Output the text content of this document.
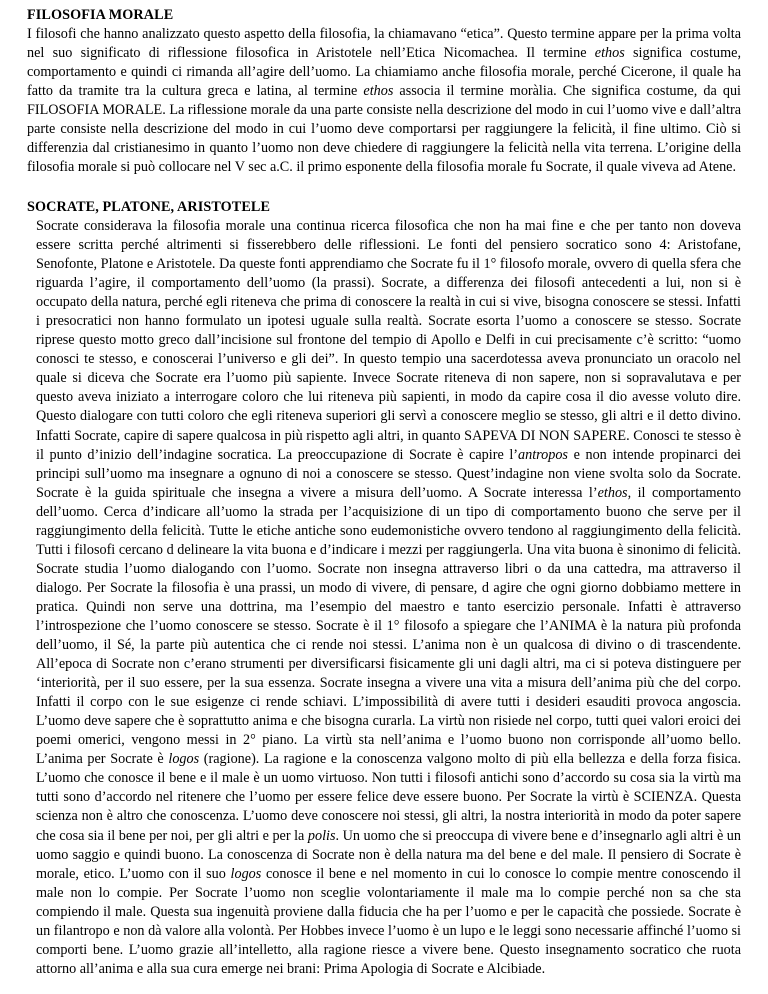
FILOSOFIA MORALE

I filosofi che hanno analizzato questo aspetto della filosofia, la chiamavano “etica”. Questo termine appare per la prima volta nel suo significato di riflessione filosofica in Aristotele nell’Etica Nicomachea. Il termine ethos significa costume, comportamento e quindi ci rimanda all’agire dell’uomo. La chiamiamo anche filosofia morale, perché Cicerone, il quale ha fatto da tramite tra la cultura greca e latina, al termine ethos associa il termine moràlia. Che significa costume, da qui FILOSOFIA MORALE. La riflessione morale da una parte consiste nella descrizione del modo in cui l’uomo vive e dall’altra parte consiste nella descrizione del modo in cui l’uomo deve comportarsi per raggiungere la felicità, il fine ultimo. Ciò si differenzia dal cristianesimo in quanto l’uomo non deve chiedere di raggiungere la felicità nella vita terrena. L’origine della filosofia morale si può collocare nel V sec a.C. il primo esponente della filosofia morale fu Socrate, il quale viveva ad Atene.

SOCRATE, PLATONE, ARISTOTELE

Socrate considerava la filosofia morale una continua ricerca filosofica che non ha mai fine e che per tanto non doveva essere scritta perché altrimenti si fisserebbero delle riflessioni. Le fonti del pensiero socratico sono 4: Aristofane, Senofonte, Platone e Aristotele. Da queste fonti apprendiamo che Socrate fu il 1° filosofo morale, ovvero di quella sfera che riguarda l’agire, il comportamento dell’uomo (la prassi). Socrate, a differenza dei filosofi antecedenti a lui, non si è occupato della natura, perché egli riteneva che prima di conoscere la realtà in cui si vive, bisogna conoscere se stessi. Infatti i presocratici non hanno formulato un ipotesi uguale sulla realtà. Socrate esorta l’uomo a conoscere se stesso. Socrate riprese questo motto greco dall’incisione sul frontone del tempio di Apollo e Delfi in cui precisamente c’è scritto: “uomo conosci te stesso, e conoscerai l’universo e gli dei”. In questo tempio una sacerdotessa aveva pronunciato un oracolo nel quale si diceva che Socrate era l’uomo più sapiente. Invece Socrate riteneva di non sapere, non si sopravalutava e per questo aveva iniziato a interrogare coloro che lui riteneva più sapienti, in modo da capire cosa il dio avesse voluto dire. Questo dialogare con tutti coloro che egli riteneva superiori gli servì a conoscere meglio se stesso, gli altri e il detto divino. Infatti Socrate, capire di sapere qualcosa in più rispetto agli altri, in quanto SAPEVA DI NON SAPERE. Conosci te stesso è il punto d’inizio dell’indagine socratica. La preoccupazione di Socrate è capire l’antropos e non intende propinarci dei principi sull’uomo ma insegnare a ognuno di noi a conoscere se stesso. Quest’indagine non viene svolta solo da Socrate. Socrate è la guida spirituale che insegna a vivere a misura dell’uomo. A Socrate interessa l’ethos, il comportamento dell’uomo. Cerca d’indicare all’uomo la strada per l’acquisizione di un tipo di comportamento buono che serve per il raggiungimento della felicità. Tutte le etiche antiche sono eudemonistiche ovvero tendono al raggiungimento della felicità. Tutti i filosofi cercano d delineare la vita buona e d’indicare i mezzi per raggiungerla. Una vita buona è sinonimo di felicità. Socrate studia l’uomo dialogando con l’uomo. Socrate non insegna attraverso libri o da una cattedra, ma attraverso il dialogo. Per Socrate la filosofia è una prassi, un modo di vivere, di pensare, d agire che ogni giorno dobbiamo mettere in pratica. Quindi non serve una dottrina, ma l’esempio del maestro e tanto esercizio personale. Infatti è attraverso l’introspezione che l’uomo conoscere se stesso. Socrate è il 1° filosofo a spiegare che l’ANIMA è la natura più profonda dell’uomo, il Sé, la parte più autentica che ci rende noi stessi. L’anima non è un qualcosa di divino o di trascendente. All’epoca di Socrate non c’erano strumenti per diversificarsi fisicamente gli uni dagli altri, ma ci si poteva distinguere per ‘interiorità, per il suo essere, per la sua essenza. Socrate insegna a vivere una vita a misura dell’anima più che del corpo. Infatti il corpo con le sue esigenze ci rende schiavi. L’impossibilità di avere tutti i desideri esauditi provoca angoscia. L’uomo deve sapere che è soprattutto anima e che bisogna curarla. La virtù non risiede nel corpo, tutti quei valori eroici dei poemi omerici, vengono messi in 2° piano. La virtù sta nell’anima e l’uomo buono non corrisponde all’uomo bello. L’anima per Socrate è logos (ragione). La ragione e la conoscenza valgono molto di più ella bellezza e della forza fisica. L’uomo che conosce il bene e il male è un uomo virtuoso. Non tutti i filosofi antichi sono d’accordo su cosa sia la virtù ma tutti sono d’accordo nel ritenere che l’uomo per essere felice deve essere buono. Per Socrate la virtù è SCIENZA. Questa scienza non è altro che conoscenza. L’uomo deve conoscere noi stessi, gli altri, la nostra interiorità in modo da poter sapere che cosa sia il bene per noi, per gli altri e per la polis. Un uomo che si preoccupa di vivere bene e d’insegnarlo agli altri è un uomo saggio e quindi buono. La conoscenza di Socrate non è della natura ma del bene e del male. Il pensiero di Socrate è morale, etico. L’uomo con il suo logos conosce il bene e nel momento in cui lo conosce lo compie mentre conoscendo il male non lo compie. Per Socrate l’uomo non sceglie volontariamente il male ma lo compie perché non sa che sta compiendo il male. Questa sua ingenuità proviene dalla fiducia che ha per l’uomo e per le capacità che possiede. Socrate è un filantropo e non dà valore alla volontà. Per Hobbes invece l’uomo è un lupo e le leggi sono necessarie affinché l’uomo si comporti bene. L’uomo grazie all’intelletto, alla ragione riesce a vivere bene. Questo insegnamento socratico che ruota attorno all’anima e alla sua cura emerge nei brani: Prima Apologia di Socrate e Alcibiade.
